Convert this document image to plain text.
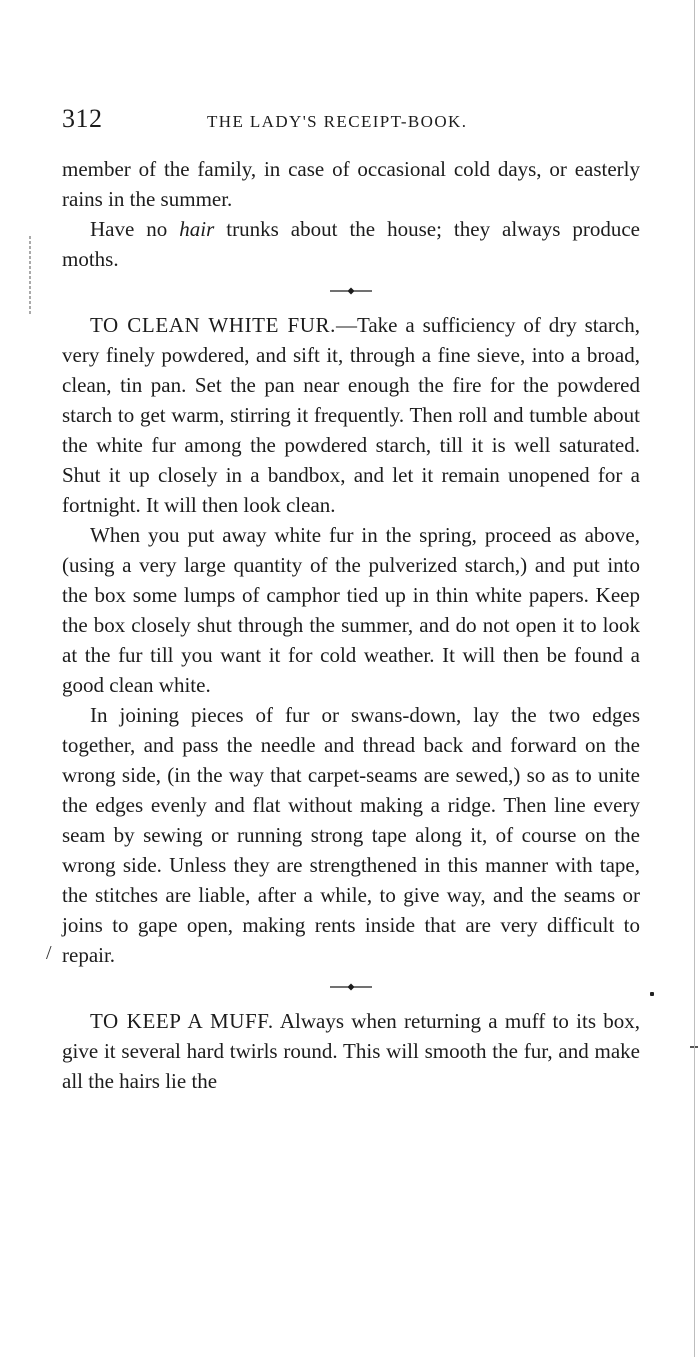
312	THE LADY'S RECEIPT-BOOK.

member of the family, in case of occasional cold days, or easterly rains in the summer.

Have no hair trunks about the house; they always produce moths.

TO CLEAN WHITE FUR.—Take a sufficiency of dry starch, very finely powdered, and sift it, through a fine sieve, into a broad, clean, tin pan. Set the pan near enough the fire for the powdered starch to get warm, stirring it frequently. Then roll and tumble about the white fur among the powdered starch, till it is well saturated. Shut it up closely in a bandbox, and let it remain unopened for a fortnight. It will then look clean.

When you put away white fur in the spring, proceed as above, (using a very large quantity of the pulverized starch,) and put into the box some lumps of camphor tied up in thin white papers. Keep the box closely shut through the summer, and do not open it to look at the fur till you want it for cold weather. It will then be found a good clean white.

In joining pieces of fur or swans-down, lay the two edges together, and pass the needle and thread back and forward on the wrong side, (in the way that carpet-seams are sewed,) so as to unite the edges evenly and flat without making a ridge. Then line every seam by sewing or running strong tape along it, of course on the wrong side. Unless they are strengthened in this manner with tape, the stitches are liable, after a while, to give way, and the seams or joins to gape open, making rents inside that are very difficult to repair.

TO KEEP A MUFF. Always when returning a muff to its box, give it several hard twirls round. This will smooth the fur, and make all the hairs lie the

/
